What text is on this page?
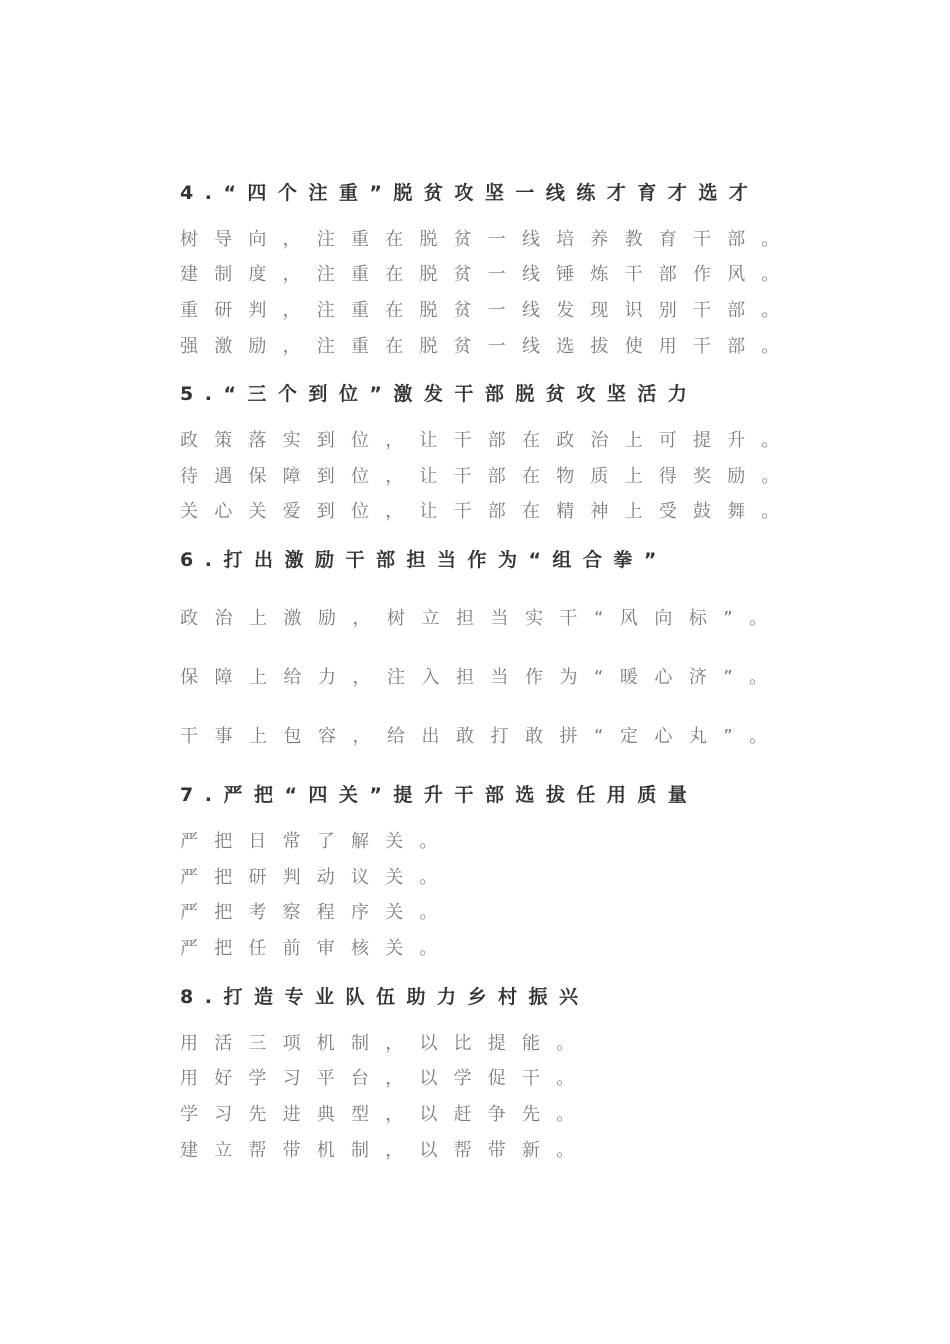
4.“四个注重”脱贫攻坚一线练才育才选才
树导向，注重在脱贫一线培养教育干部。
建制度，注重在脱贫一线锤炼干部作风。
重研判，注重在脱贫一线发现识别干部。
强激励，注重在脱贫一线选拔使用干部。
5.“三个到位”激发干部脱贫攻坚活力
政策落实到位，让干部在政治上可提升。
待遇保障到位，让干部在物质上得奖励。
关心关爱到位，让干部在精神上受鼓舞。
6.打出激励干部担当作为“组合拳”
政治上激励，树立担当实干“风向标”。
保障上给力，注入担当作为“暖心济”。
干事上包容，给出敢打敢拼“定心丸”。
7.严把“四关”提升干部选拔任用质量
严把日常了解关。
严把研判动议关。
严把考察程序关。
严把任前审核关。
8.打造专业队伍助力乡村振兴
用活三项机制，以比提能。
用好学习平台，以学促干。
学习先进典型，以赶争先。
建立帮带机制，以帮带新。
